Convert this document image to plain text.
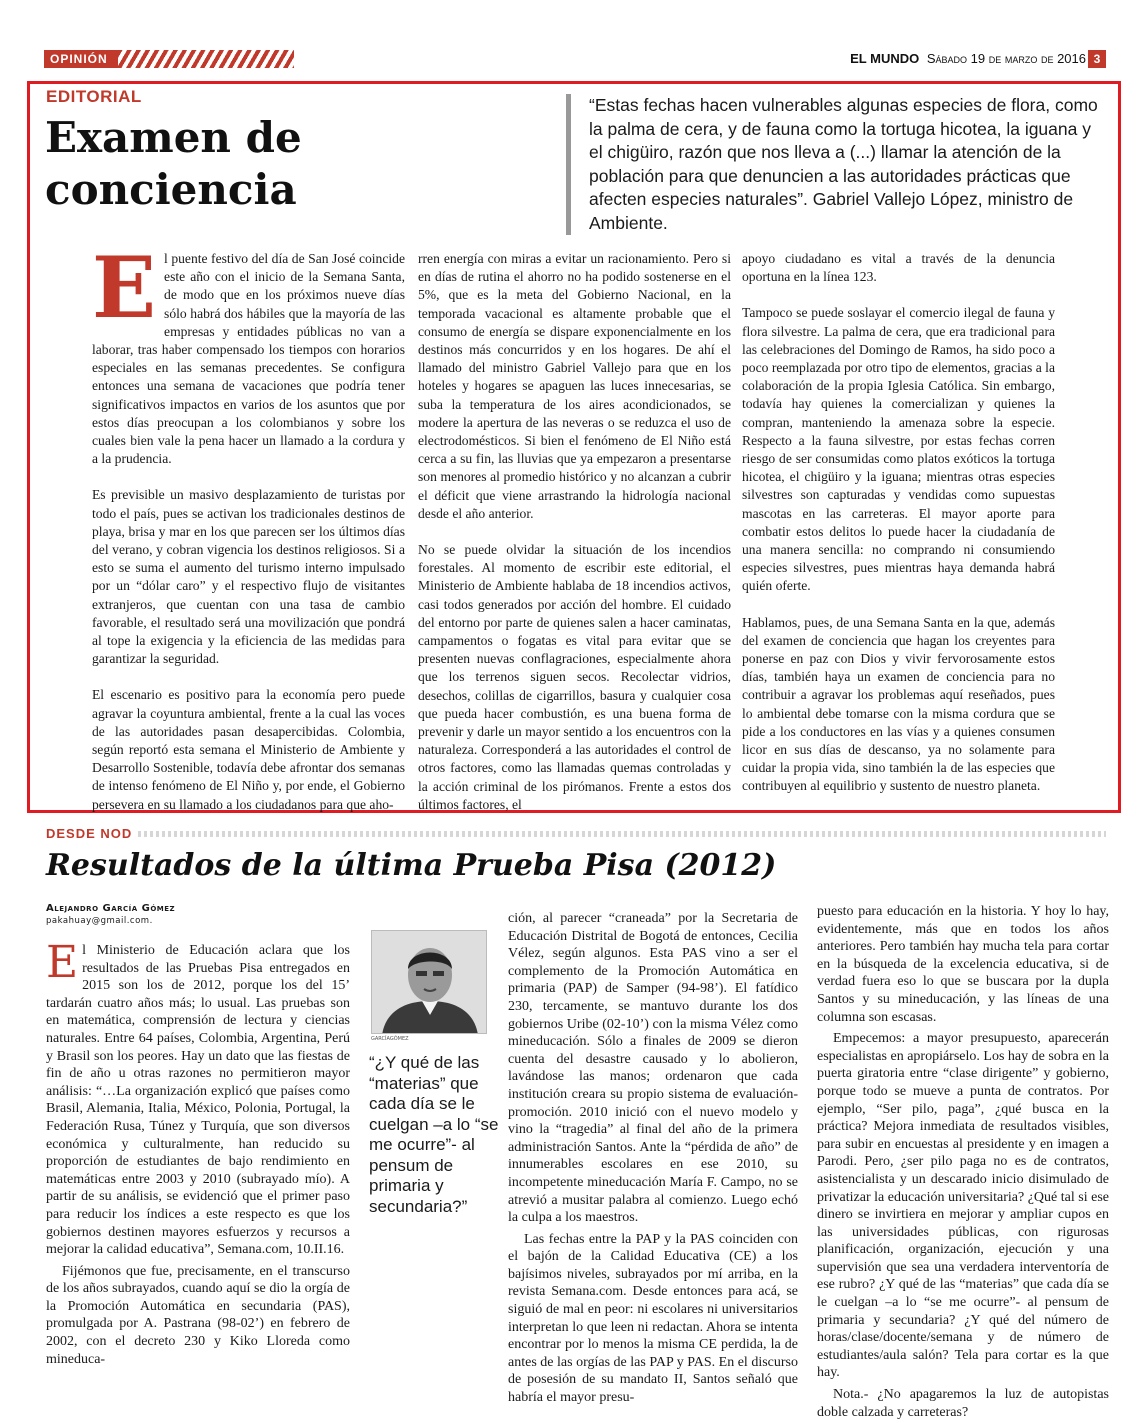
OPINIÓN	EL MUNDO Sábado 19 de marzo de 2016 3
EDITORIAL
Examen de conciencia
“Estas fechas hacen vulnerables algunas especies de flora, como la palma de cera, y de fauna como la tortuga hicotea, la iguana y el chigüiro, razón que nos lleva a (...) llamar la atención de la población para que denuncien a las autoridades prácticas que afecten especies naturales”. Gabriel Vallejo López, ministro de Ambiente.

El puente festivo del día de San José coincide este año con el inicio de la Semana Santa, de modo que en los próximos nueve días sólo habrá dos hábiles que la mayoría de las empresas y entidades públicas no van a laborar, tras haber compensado los tiempos con horarios especiales en las semanas precedentes. Se configura entonces una semana de vacaciones que podría tener significativos impactos en varios de los asuntos que por estos días preocupan a los colombianos y sobre los cuales bien vale la pena hacer un llamado a la cordura y a la prudencia.

Es previsible un masivo desplazamiento de turistas por todo el país, pues se activan los tradicionales destinos de playa, brisa y mar en los que parecen ser los últimos días del verano, y cobran vigencia los destinos religiosos. Si a esto se suma el aumento del turismo interno impulsado por un “dólar caro” y el respectivo flujo de visitantes extranjeros, que cuentan con una tasa de cambio favorable, el resultado será una movilización que pondrá al tope la exigencia y la eficiencia de las medidas para garantizar la seguridad.

El escenario es positivo para la economía pero puede agravar la coyuntura ambiental, frente a la cual las voces de las autoridades pasan desapercibidas. Colombia, según reportó esta semana el Ministerio de Ambiente y Desarrollo Sostenible, todavía debe afrontar dos semanas de intenso fenómeno de El Niño y, por ende, el Gobierno persevera en su llamado a los ciudadanos para que aho-

rren energía con miras a evitar un racionamiento. Pero si en días de rutina el ahorro no ha podido sostenerse en el 5%, que es la meta del Gobierno Nacional, en la temporada vacacional es altamente probable que el consumo de energía se dispare exponencialmente en los destinos más concurridos y en los hogares. De ahí el llamado del ministro Gabriel Vallejo para que en los hoteles y hogares se apaguen las luces innecesarias, se suba la temperatura de los aires acondicionados, se modere la apertura de las neveras o se reduzca el uso de electrodomésticos. Si bien el fenómeno de El Niño está cerca a su fin, las lluvias que ya empezaron a presentarse son menores al promedio histórico y no alcanzan a cubrir el déficit que viene arrastrando la hidrología nacional desde el año anterior.

No se puede olvidar la situación de los incendios forestales. Al momento de escribir este editorial, el Ministerio de Ambiente hablaba de 18 incendios activos, casi todos generados por acción del hombre. El cuidado del entorno por parte de quienes salen a hacer caminatas, campamentos o fogatas es vital para evitar que se presenten nuevas conflagraciones, especialmente ahora que los terrenos siguen secos. Recolectar vidrios, desechos, colillas de cigarrillos, basura y cualquier cosa que pueda hacer combustión, es una buena forma de prevenir y darle un mayor sentido a los encuentros con la naturaleza. Corresponderá a las autoridades el control de otros factores, como las llamadas quemas controladas y la acción criminal de los pirómanos. Frente a estos dos últimos factores, el

apoyo ciudadano es vital a través de la denuncia oportuna en la línea 123.

Tampoco se puede soslayar el comercio ilegal de fauna y flora silvestre. La palma de cera, que era tradicional para las celebraciones del Domingo de Ramos, ha sido poco a poco reemplazada por otro tipo de elementos, gracias a la colaboración de la propia Iglesia Católica. Sin embargo, todavía hay quienes la comercializan y quienes la compran, manteniendo la amenaza sobre la especie. Respecto a la fauna silvestre, por estas fechas corren riesgo de ser consumidas como platos exóticos la tortuga hicotea, el chigüiro y la iguana; mientras otras especies silvestres son capturadas y vendidas como supuestas mascotas en las carreteras. El mayor aporte para combatir estos delitos lo puede hacer la ciudadanía de una manera sencilla: no comprando ni consumiendo especies silvestres, pues mientras haya demanda habrá quién oferte.

Hablamos, pues, de una Semana Santa en la que, además del examen de conciencia que hagan los creyentes para ponerse en paz con Dios y vivir fervorosamente estos días, también haya un examen de conciencia para no contribuir a agravar los problemas aquí reseñados, pues lo ambiental debe tomarse con la misma cordura que se pide a los conductores en las vías y a quienes consumen licor en sus días de descanso, ya no solamente para cuidar la propia vida, sino también la de las especies que contribuyen al equilibrio y sustento de nuestro planeta.

DESDE NOD
Resultados de la última Prueba Pisa (2012)
Alejandro García Gómez
pakahuay@gmail.com.

El Ministerio de Educación aclara que los resultados de las Pruebas Pisa entregados en 2015 son los de 2012, porque los del 15’ tardarán cuatro años más; lo usual. Las pruebas son en matemática, comprensión de lectura y ciencias naturales. Entre 64 países, Colombia, Argentina, Perú y Brasil son los peores. Hay un dato que las fiestas de fin de año u otras razones no permitieron mayor análisis: “…La organización explicó que países como Brasil, Alemania, Italia, México, Polonia, Portugal, la Federación Rusa, Túnez y Turquía, que son diversos económica y culturalmente, han reducido su proporción de estudiantes de bajo rendimiento en matemáticas entre 2003 y 2010 (subrayado mío). A partir de su análisis, se evidenció que el primer paso para reducir los índices a este respecto es que los gobiernos destinen mayores esfuerzos y recursos a mejorar la calidad educativa”, Semana.com, 10.II.16.

Fijémonos que fue, precisamente, en el transcurso de los años subrayados, cuando aquí se dio la orgía de la Promoción Automática en secundaria (PAS), promulgada por A. Pastrana (98-02’) en febrero de 2002, con el decreto 230 y Kiko Lloreda como mineduca-

GARCÍAGÓMEZ
“¿Y qué de las “materias” que cada día se le cuelgan –a lo “se me ocurre”- al pensum de primaria y secundaria?”

ción, al parecer “craneada” por la Secretaria de Educación Distrital de Bogotá de entonces, Cecilia Vélez, según algunos. Esta PAS vino a ser el complemento de la Promoción Automática en primaria (PAP) de Samper (94-98’). El fatídico 230, tercamente, se mantuvo durante los dos gobiernos Uribe (02-10’) con la misma Vélez como mineducación. Sólo a finales de 2009 se dieron cuenta del desastre causado y lo abolieron, lavándose las manos; ordenaron que cada institución creara su propio sistema de evaluación-promoción. 2010 inició con el nuevo modelo y vino la “tragedia” al final del año de la primera administración Santos. Ante la “pérdida de año” de innumerables escolares en ese 2010, su incompetente mineducación María F. Campo, no se atrevió a musitar palabra al comienzo. Luego echó la culpa a los maestros.

Las fechas entre la PAP y la PAS coinciden con el bajón de la Calidad Educativa (CE) a los bajísimos niveles, subrayados por mí arriba, en la revista Semana.com. Desde entonces para acá, se siguió de mal en peor: ni escolares ni universitarios interpretan lo que leen ni redactan. Ahora se intenta encontrar por lo menos la misma CE perdida, la de antes de las orgías de las PAP y PAS. En el discurso de posesión de su mandato II, Santos señaló que habría el mayor presu-

puesto para educación en la historia. Y hoy lo hay, evidentemente, más que en todos los años anteriores. Pero también hay mucha tela para cortar en la búsqueda de la excelencia educativa, si de verdad fuera eso lo que se buscara por la dupla Santos y su mineducación, y las líneas de una columna son escasas.

Empecemos: a mayor presupuesto, aparecerán especialistas en apropiárselo. Los hay de sobra en la puerta giratoria entre “clase dirigente” y gobierno, porque todo se mueve a punta de contratos. Por ejemplo, “Ser pilo, paga”, ¿qué busca en la práctica? Mejora inmediata de resultados visibles, para subir en encuestas al presidente y en imagen a Parodi. Pero, ¿ser pilo paga no es de contratos, asistencialista y un descarado inicio disimulado de privatizar la educación universitaria? ¿Qué tal si ese dinero se invirtiera en mejorar y ampliar cupos en las universidades públicas, con rigurosas planificación, organización, ejecución y una supervisión que sea una verdadera interventoría de ese rubro? ¿Y qué de las “materias” que cada día se le cuelgan –a lo “se me ocurre”- al pensum de primaria y secundaria? ¿Y qué del número de horas/clase/docente/semana y de número de estudiantes/aula salón? Tela para cortar es la que hay.

Nota.- ¿No apagaremos la luz de autopistas doble calzada y carreteras?
